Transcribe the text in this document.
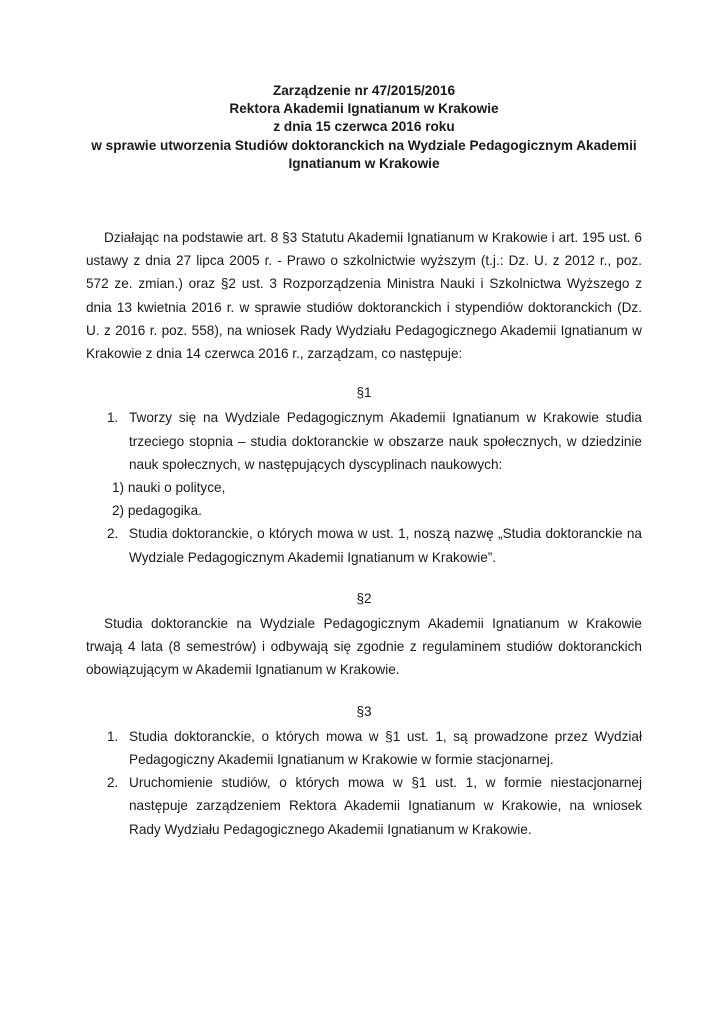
Zarządzenie nr 47/2015/2016
Rektora Akademii Ignatianum w Krakowie
z dnia 15 czerwca 2016 roku
w sprawie utworzenia Studiów doktoranckich na Wydziale Pedagogicznym Akademii
Ignatianum w Krakowie
Działając na podstawie art. 8 §3 Statutu Akademii Ignatianum w Krakowie i art. 195 ust. 6 ustawy z dnia 27 lipca 2005 r. - Prawo o szkolnictwie wyższym (t.j.: Dz. U. z 2012 r., poz. 572 ze. zmian.) oraz §2 ust. 3 Rozporządzenia Ministra Nauki i Szkolnictwa Wyższego z dnia 13 kwietnia 2016 r. w sprawie studiów doktoranckich i stypendiów doktoranckich (Dz. U. z 2016 r. poz. 558), na wniosek Rady Wydziału Pedagogicznego Akademii Ignatianum w Krakowie z dnia 14 czerwca 2016 r., zarządzam, co następuje:
§1
1. Tworzy się na Wydziale Pedagogicznym Akademii Ignatianum w Krakowie studia trzeciego stopnia – studia doktoranckie w obszarze nauk społecznych, w dziedzinie nauk społecznych, w następujących dyscyplinach naukowych:
1) nauki o polityce,
2) pedagogika.
2. Studia doktoranckie, o których mowa w ust. 1, noszą nazwę „Studia doktoranckie na Wydziale Pedagogicznym Akademii Ignatianum w Krakowie”.
§2
Studia doktoranckie na Wydziale Pedagogicznym Akademii Ignatianum w Krakowie trwają 4 lata (8 semestrów) i odbywają się zgodnie z regulaminem studiów doktoranckich obowiązującym w Akademii Ignatianum w Krakowie.
§3
1. Studia doktoranckie, o których mowa w §1 ust. 1, są prowadzone przez Wydział Pedagogiczny Akademii Ignatianum w Krakowie w formie stacjonarnej.
2. Uruchomienie studiów, o których mowa w §1 ust. 1, w formie niestacjonarnej następuje zarządzeniem Rektora Akademii Ignatianum w Krakowie, na wniosek Rady Wydziału Pedagogicznego Akademii Ignatianum w Krakowie.
